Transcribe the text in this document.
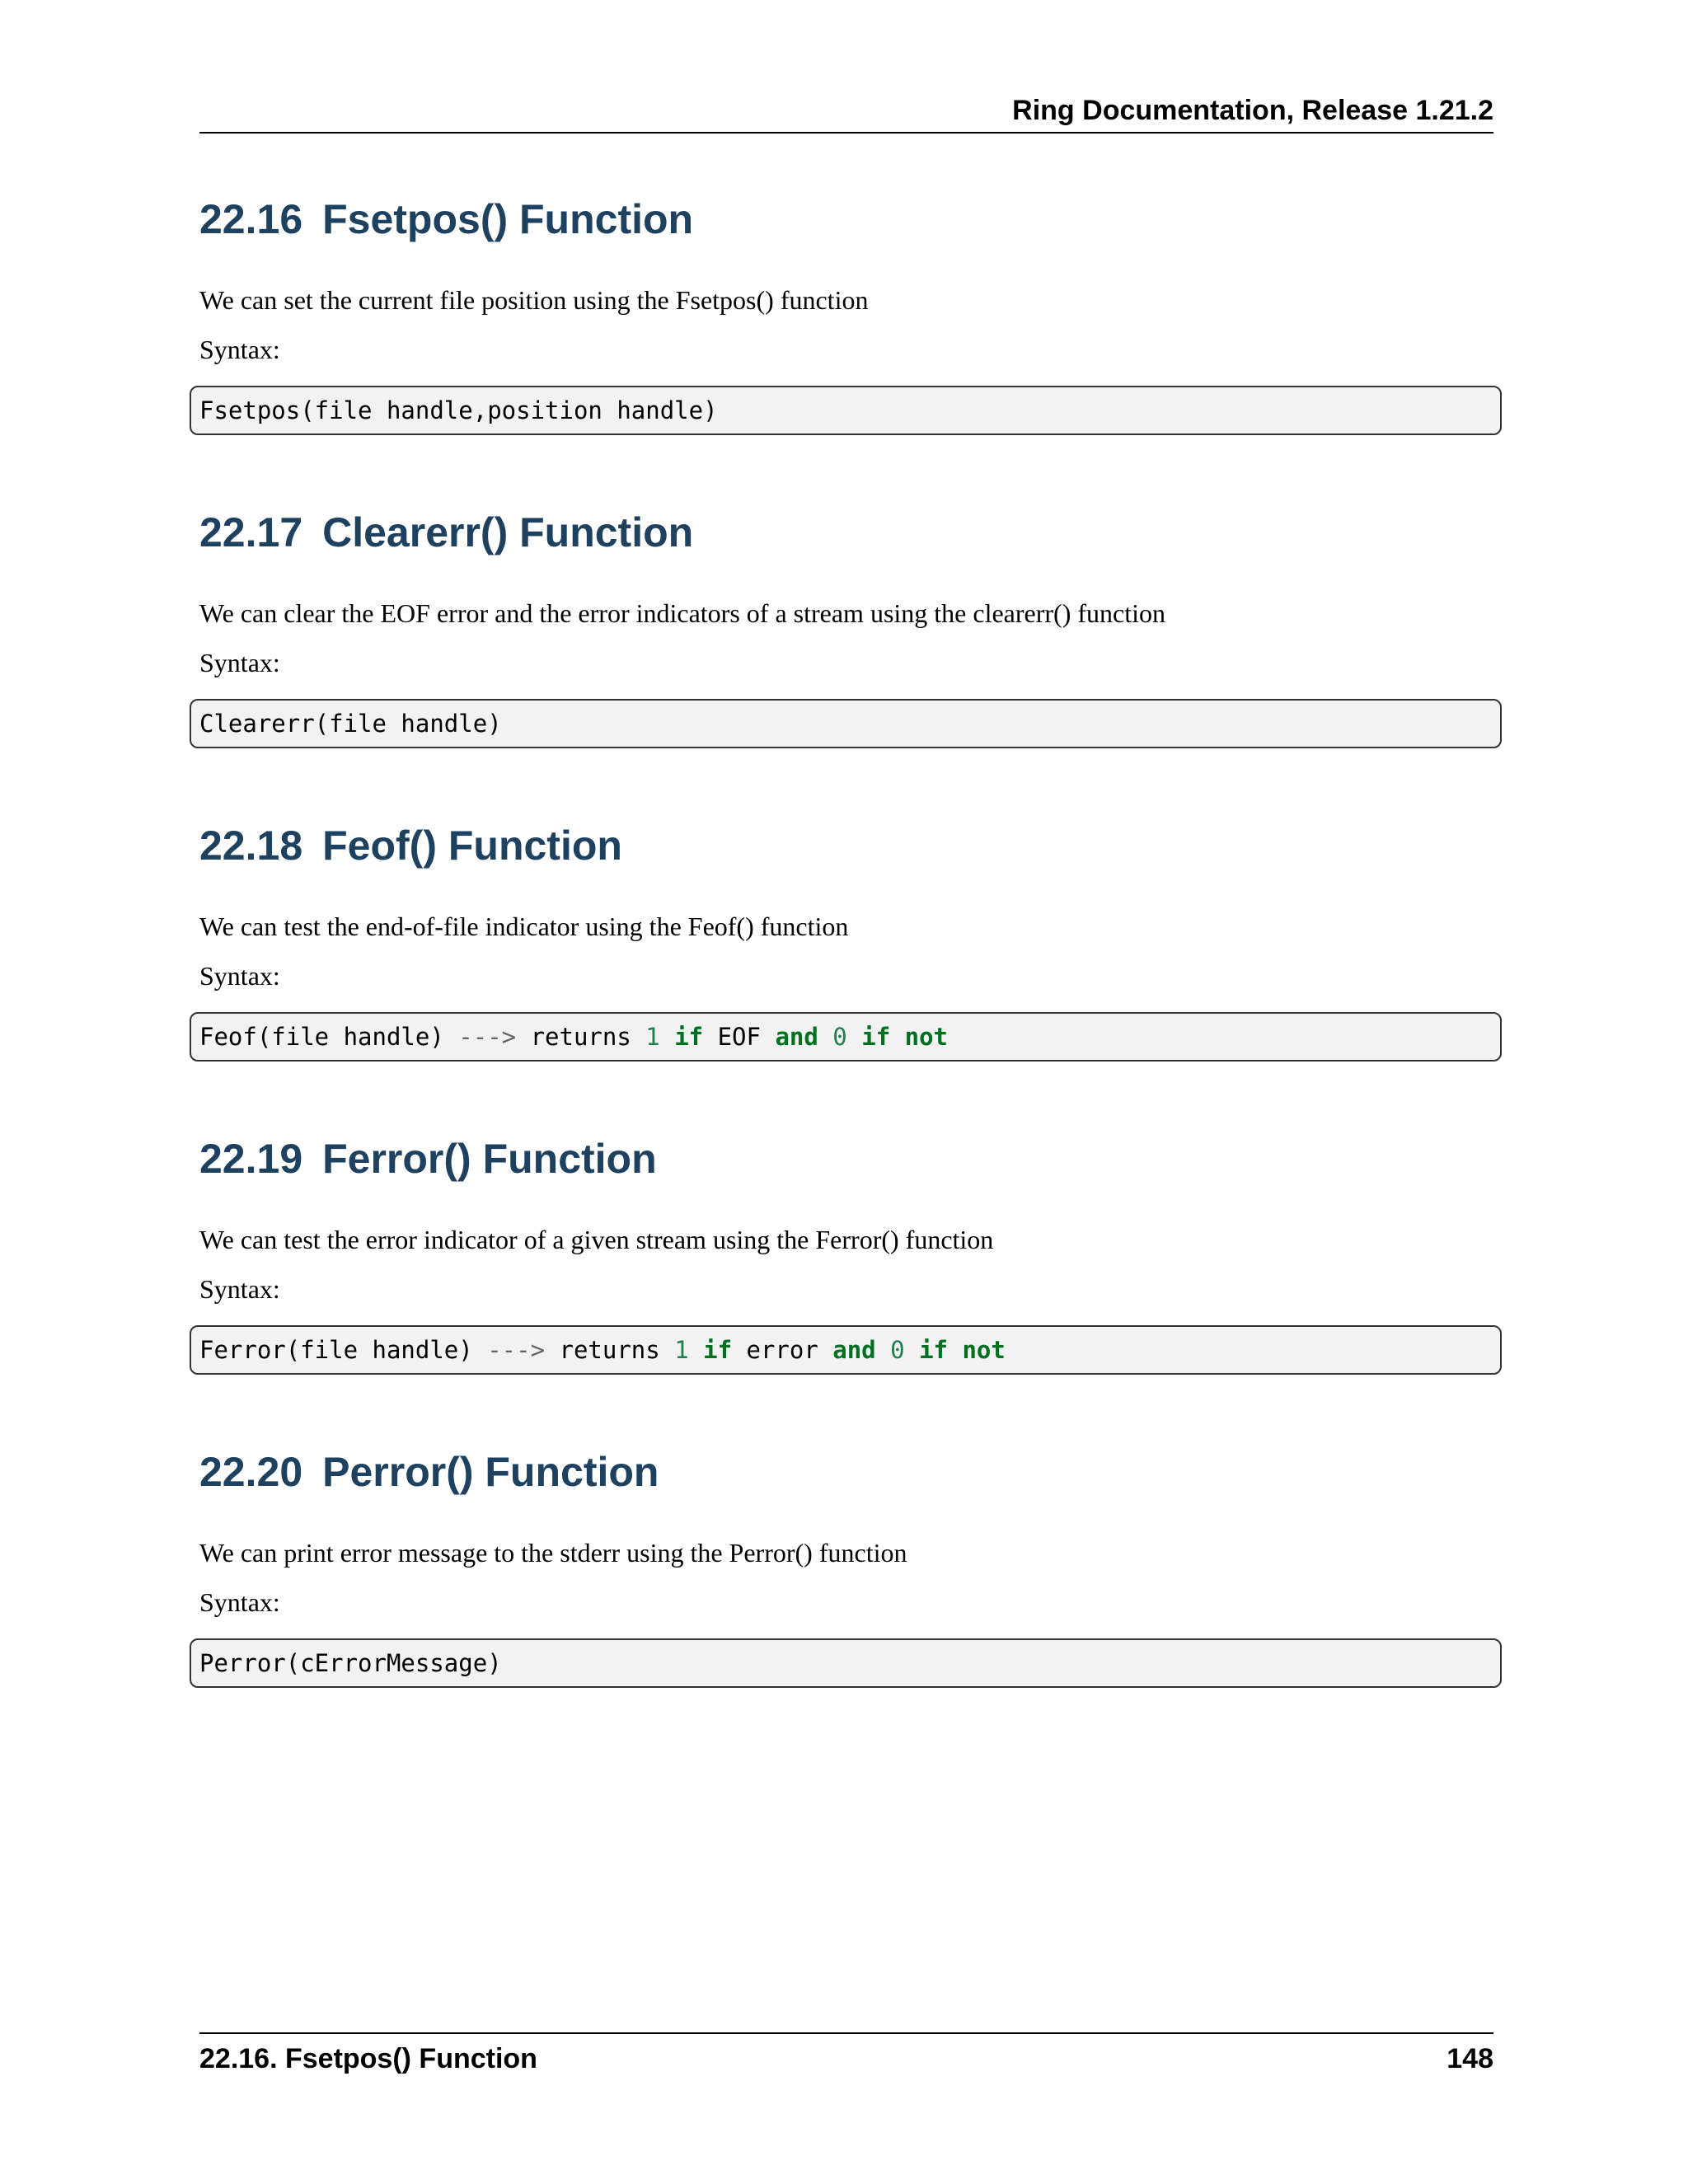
Ring Documentation, Release 1.21.2
22.16 Fsetpos() Function

We can set the current file position using the Fsetpos() function

Syntax:

Fsetpos(file handle,position handle)
22.17 Clearerr() Function

We can clear the EOF error and the error indicators of a stream using the clearerr() function

Syntax:

Clearerr(file handle)
22.18 Feof() Function

We can test the end-of-file indicator using the Feof() function

Syntax:

Feof(file handle) ---> returns 1 if EOF and 0 if not
22.19 Ferror() Function

We can test the error indicator of a given stream using the Ferror() function

Syntax:

Ferror(file handle) ---> returns 1 if error and 0 if not
22.20 Perror() Function

We can print error message to the stderr using the Perror() function

Syntax:

Perror(cErrorMessage)
22.16. Fsetpos() Function	148
